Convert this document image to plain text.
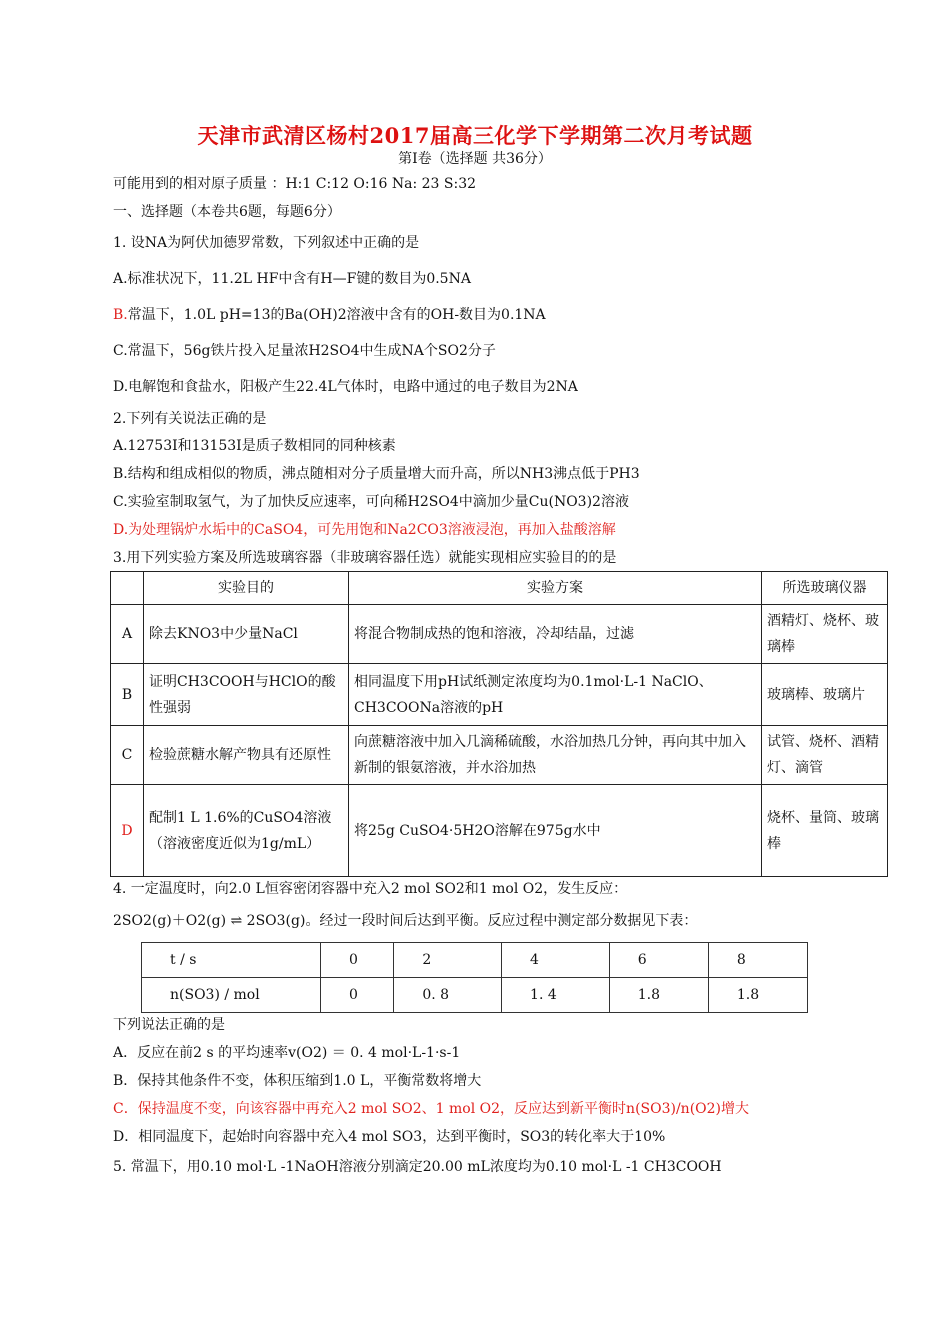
天津市武清区杨村2017届高三化学下学期第二次月考试题
第Ⅰ卷（选择题 共36分）
可能用到的相对原子质量 ：H:1 C:12 O:16 Na: 23 S:32
一、选择题（本卷共6题，每题6分）
1. 设NA为阿伏加德罗常数，下列叙述中正确的是
A.标准状况下，11.2L HF中含有H—F键的数目为0.5NA
B.常温下，1.0L pH=13的Ba(OH)2溶液中含有的OH-数目为0.1NA
C.常温下，56g铁片投入足量浓H2SO4中生成NA个SO2分子
D.电解饱和食盐水，阳极产生22.4L气体时，电路中通过的电子数目为2NA
2.下列有关说法正确的是
A.12753I和13153I是质子数相同的同种核素
B.结构和组成相似的物质，沸点随相对分子质量增大而升高，所以NH3沸点低于PH3
C.实验室制取氢气，为了加快反应速率，可向稀H2SO4中滴加少量Cu(NO3)2溶液
D.为处理锅炉水垢中的CaSO4，可先用饱和Na2CO3溶液浸泡，再加入盐酸溶解
3.用下列实验方案及所选玻璃容器（非玻璃容器任选）就能实现相应实验目的的是
	实验目的	实验方案	所选玻璃仪器
A	除去KNO3中少量NaCl	将混合物制成热的饱和溶液，冷却结晶，过滤	酒精灯、烧杯、玻璃棒
B	证明CH3COOH与HClO的酸性强弱	相同温度下用pH试纸测定浓度均为0.1mol·L-1 NaClO、CH3COONa溶液的pH	玻璃棒、玻璃片
C	检验蔗糖水解产物具有还原性	向蔗糖溶液中加入几滴稀硫酸，水浴加热几分钟，再向其中加入新制的银氨溶液，并水浴加热	试管、烧杯、酒精灯、滴管
D	配制1 L 1.6%的CuSO4溶液（溶液密度近似为1g/mL）	将25g CuSO4·5H2O溶解在975g水中	烧杯、量筒、玻璃棒
4. 一定温度时，向2.0 L恒容密闭容器中充入2 mol SO2和1 mol O2，发生反应：
2SO2(g)＋O2(g) ⇌ 2SO3(g)。经过一段时间后达到平衡。反应过程中测定部分数据见下表：
t / s	0	2	4	6	8
n(SO3) / mol	0	0. 8	1. 4	1.8	1.8
下列说法正确的是
A．反应在前2 s 的平均速率v(O2) ＝ 0. 4 mol·L-1·s-1
B．保持其他条件不变，体积压缩到1.0 L，平衡常数将增大
C．保持温度不变，向该容器中再充入2 mol SO2、1 mol O2，反应达到新平衡时n(SO3)/n(O2)增大
D．相同温度下，起始时向容器中充入4 mol SO3，达到平衡时，SO3的转化率大于10%
5. 常温下，用0.10 mol·L -1NaOH溶液分别滴定20.00 mL浓度均为0.10 mol·L -1 CH3COOH
